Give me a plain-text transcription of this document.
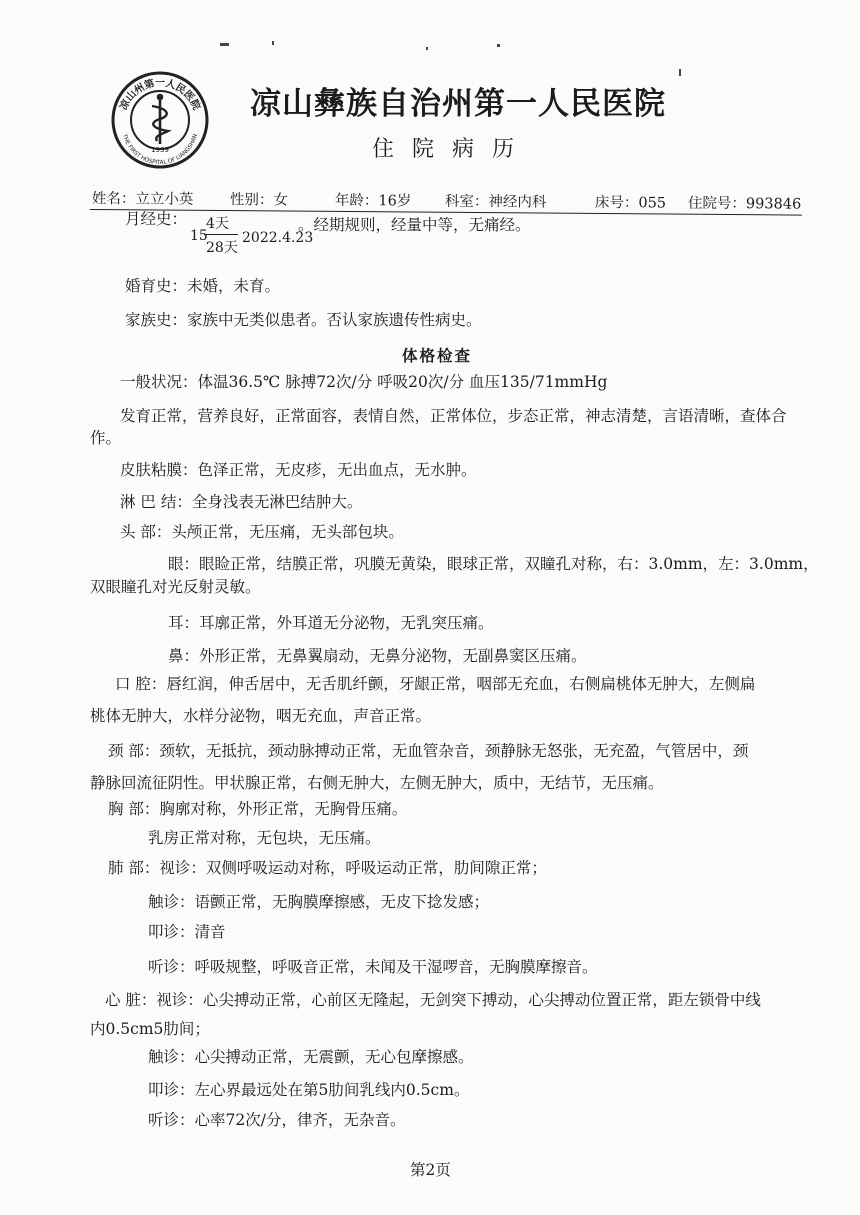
凉山州第一人民医院
THE FIRST HOSPITAL OF LIANGSHAN
1939
凉山彝族自治州第一人民医院
住院病历
姓名：立立小英	性别：女	年龄：16岁 科室：神经内科	床号：055 住院号：993846
月经史：
15
4天
28天
2022.4.23
。经期规则，经量中等，无痛经。
婚育史：未婚，未育。
家族史：家族中无类似患者。否认家族遗传性病史。
体格检查
一般状况：体温36.5℃ 脉搏72次/分 呼吸20次/分 血压135/71mmHg
发育正常，营养良好，正常面容，表情自然，正常体位，步态正常，神志清楚，言语清晰，查体合
作。
皮肤粘膜：色泽正常，无皮疹，无出血点，无水肿。
淋 巴 结：全身浅表无淋巴结肿大。
头 部：头颅正常，无压痛，无头部包块。
眼：眼睑正常，结膜正常，巩膜无黄染，眼球正常，双瞳孔对称，右：3.0mm，左：3.0mm，
双眼瞳孔对光反射灵敏。
耳：耳廓正常，外耳道无分泌物，无乳突压痛。
鼻：外形正常，无鼻翼扇动，无鼻分泌物，无副鼻窦区压痛。
口 腔：唇红润，伸舌居中，无舌肌纤颤，牙龈正常，咽部无充血，右侧扁桃体无肿大，左侧扁
桃体无肿大，水样分泌物，咽无充血，声音正常。
颈 部：颈软，无抵抗，颈动脉搏动正常，无血管杂音，颈静脉无怒张，无充盈，气管居中，颈
静脉回流征阴性。甲状腺正常，右侧无肿大，左侧无肿大，质中，无结节，无压痛。
胸 部：胸廓对称，外形正常，无胸骨压痛。
乳房正常对称，无包块，无压痛。
肺 部：视诊：双侧呼吸运动对称，呼吸运动正常，肋间隙正常；
触诊：语颤正常，无胸膜摩擦感，无皮下捻发感；
叩诊：清音
听诊：呼吸规整，呼吸音正常，未闻及干湿啰音，无胸膜摩擦音。
心 脏：视诊：心尖搏动正常，心前区无隆起，无剑突下搏动，心尖搏动位置正常，距左锁骨中线
内0.5cm5肋间；
触诊：心尖搏动正常，无震颤，无心包摩擦感。
叩诊：左心界最远处在第5肋间乳线内0.5cm。
听诊：心率72次/分，律齐，无杂音。
第2页
